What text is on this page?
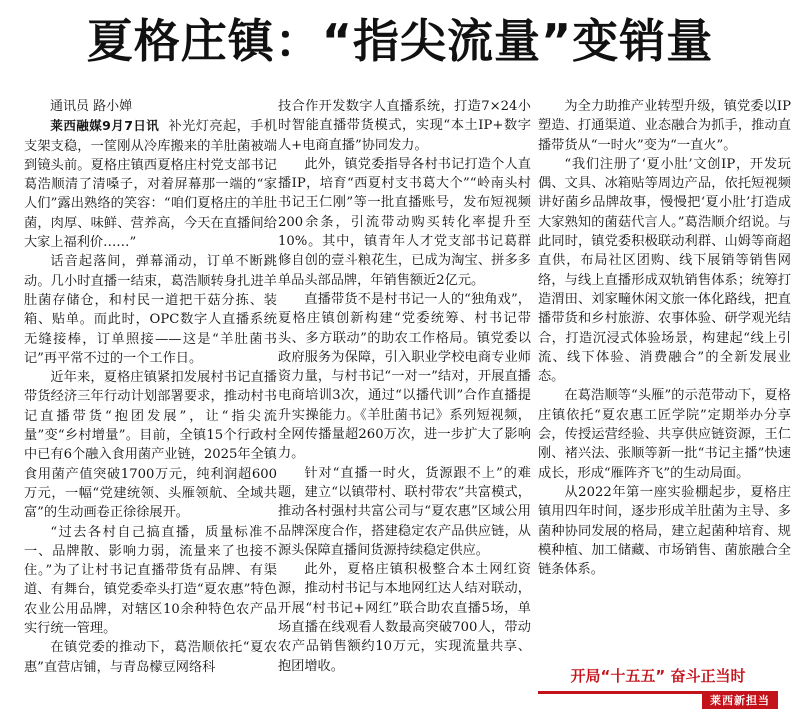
夏格庄镇：“指尖流量”变销量

通讯员 路小婵

莱西融媒9月7日讯 补光灯亮起，手机支架支稳，一筐刚从冷库搬来的羊肚菌被端到镜头前。夏格庄镇西夏格庄村党支部书记葛浩顺清了清嗓子，对着屏幕那一端的“家人们”露出熟络的笑容：“咱们夏格庄的羊肚菌，肉厚、味鲜、营养高，今天在直播间给大家上福利价……”

话音起落间，弹幕涌动，订单不断跳动。几小时直播一结束，葛浩顺转身扎进羊肚菌存储仓，和村民一道把干菇分拣、装箱、贴单。而此时，OPC数字人直播系统无缝接棒，订单照接——这是“羊肚菌书记”再平常不过的一个工作日。

近年来，夏格庄镇紧扣发展村书记直播带货经济三年行动计划部署要求，推动村书记直播带货“抱团发展”，让“指尖流量”变“乡村增量”。目前，全镇15个行政村中已有6个融入食用菌产业链，2025年全镇食用菌产值突破1700万元，纯利润超600万元，一幅“党建统领、头雁领航、全域共富”的生动画卷正徐徐展开。

“过去各村自己搞直播，质量标准不一、品牌散、影响力弱，流量来了也接不住。”为了让村书记直播带货有品牌、有渠道、有舞台，镇党委牵头打造“夏农惠”特色农业公用品牌，对辖区10余种特色农产品实行统一管理。

在镇党委的推动下，葛浩顺依托“夏农惠”直营店铺，与青岛檬豆网络科

技合作开发数字人直播系统，打造7×24小时智能直播带货模式，实现“本土IP+数字人+电商直播”协同发力。

此外，镇党委指导各村书记打造个人直播IP，培育“西夏村支书葛大个”“岭南头村书记王仁刚”等一批直播账号，发布短视频200余条，引流带动购买转化率提升至10%。其中，镇青年人才党支部书记葛群修自创的壹斗粮花生，已成为淘宝、拼多多单品头部品牌，年销售额近2亿元。

直播带货不是村书记一人的“独角戏”，夏格庄镇创新构建“党委统筹、村书记带头、多方联动”的助农工作格局。镇党委以政府服务为保障，引入职业学校电商专业师资力量，与村书记“一对一”结对，开展直播电商培训3次，通过“以播代训”合作直播提升实操能力。《羊肚菌书记》系列短视频，全网传播量超260万次，进一步扩大了影响力。

针对“直播一时火，货源跟不上”的难题，建立“以镇带村、联村带农”共富模式，推动各村强村共富公司与“夏农惠”区域公用品牌深度合作，搭建稳定农产品供应链，从源头保障直播间货源持续稳定供应。

此外，夏格庄镇积极整合本土网红资源，推动村书记与本地网红达人结对联动，开展“村书记+网红”联合助农直播5场，单场直播在线观看人数最高突破700人，带动农产品销售额约10万元，实现流量共享、抱团增收。

为全力助推产业转型升级，镇党委以IP塑造、打通渠道、业态融合为抓手，推动直播带货从“一时火”变为“一直火”。

“我们注册了‘夏小肚’文创IP，开发玩偶、文具、冰箱贴等周边产品，依托短视频讲好菌乡品牌故事，慢慢把‘夏小肚’打造成大家熟知的菌菇代言人。”葛浩顺介绍说。与此同时，镇党委积极联动利群、山姆等商超直供，布局社区团购、线下展销等销售网络，与线上直播形成双轨销售体系；统筹打造渭田、刘家疃休闲文旅一体化路线，把直播带货和乡村旅游、农事体验、研学观光结合，打造沉浸式体验场景，构建起“线上引流、线下体验、消费融合”的全新发展业态。

在葛浩顺等“头雁”的示范带动下，夏格庄镇依托“夏农惠工匠学院”定期举办分享会，传授运营经验、共享供应链资源，王仁刚、褚兴法、张顺等新一批“书记主播”快速成长，形成“雁阵齐飞”的生动局面。

从2022年第一座实验棚起步，夏格庄镇用四年时间，逐步形成羊肚菌为主导、多菌种协同发展的格局，建立起菌种培育、规模种植、加工储藏、市场销售、菌旅融合全链条体系。

开局“十五五” 奋斗正当时
莱西新担当
